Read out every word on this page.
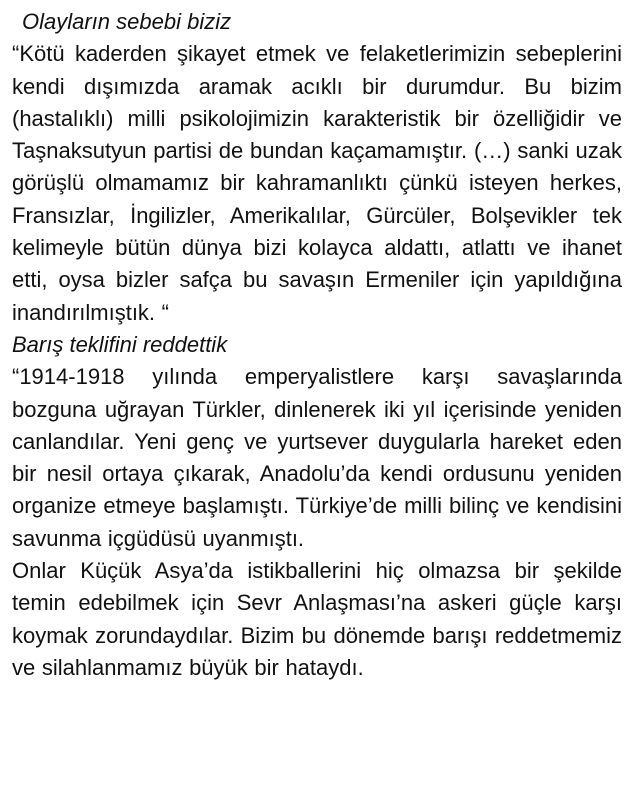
Olayların sebebi biziz

“Kötü kaderden şikayet etmek ve felaketlerimizin sebeplerini kendi dışımızda aramak acıklı bir durumdur. Bu bizim (hastalıklı) milli psikolojimizin karakteristik bir özelliğidir ve Taşnaksutyun partisi de bundan kaçamamıştır. (…) sanki uzak görüşlü olmamamız bir kahramanlıktı çünkü isteyen herkes, Fransızlar, İngilizler, Amerikalılar, Gürcüler, Bolşevikler tek kelimeyle bütün dünya bizi kolayca aldattı, atlattı ve ihanet etti, oysa bizler safça bu savaşın Ermeniler için yapıldığına inandırılmıştık. “

Barış teklifini reddettik

“1914-1918 yılında emperyalistlere karşı savaşlarında bozguna uğrayan Türkler, dinlenerek iki yıl içerisinde yeniden canlandılar. Yeni genç ve yurtsever duygularla hareket eden bir nesil ortaya çıkarak, Anadolu’da kendi ordusunu yeniden organize etmeye başlamıştı. Türkiye’de milli bilinç ve kendisini savunma içgüdüsü uyanmıştı.

Onlar Küçük Asya’da istikballerini hiç olmazsa bir şekilde temin edebilmek için Sevr Anlaşması’na askeri güçle karşı koymak zorundaydılar. Bizim bu dönemde barışı reddetmemiz ve silahlanmamız büyük bir hataydı.
